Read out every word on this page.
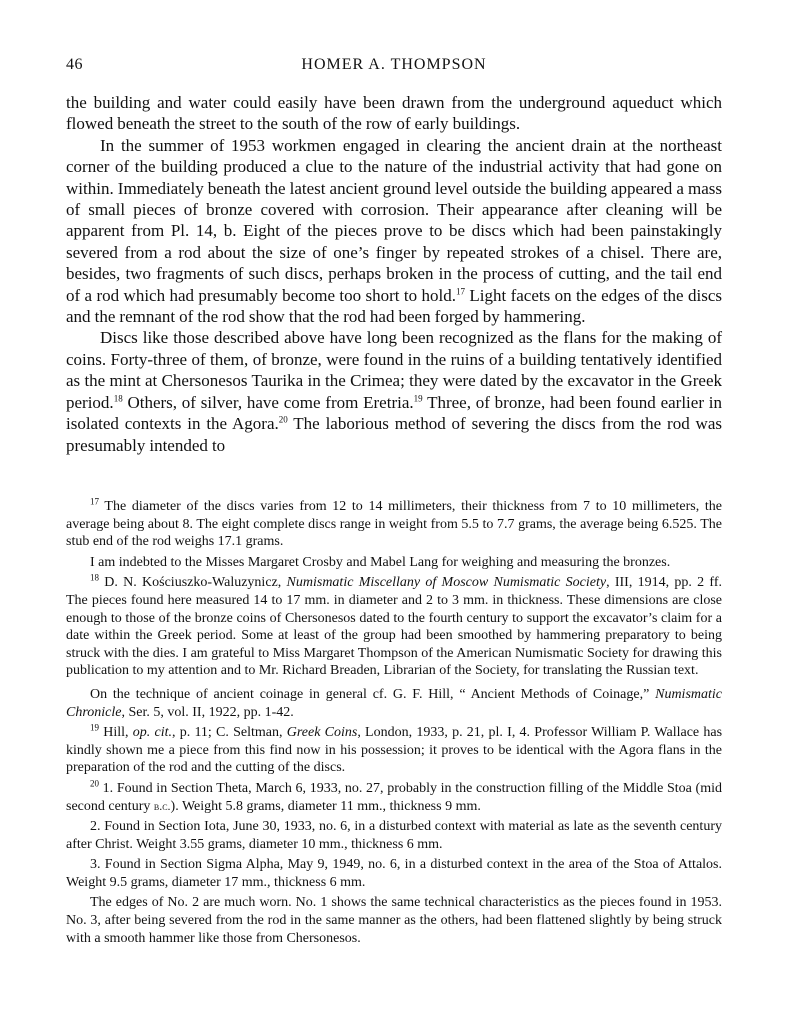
46	HOMER A. THOMPSON

the building and water could easily have been drawn from the underground aqueduct which flowed beneath the street to the south of the row of early buildings.

In the summer of 1953 workmen engaged in clearing the ancient drain at the northeast corner of the building produced a clue to the nature of the industrial activity that had gone on within. Immediately beneath the latest ancient ground level outside the building appeared a mass of small pieces of bronze covered with corrosion. Their appearance after cleaning will be apparent from Pl. 14, b. Eight of the pieces prove to be discs which had been painstakingly severed from a rod about the size of one’s finger by repeated strokes of a chisel. There are, besides, two fragments of such discs, perhaps broken in the process of cutting, and the tail end of a rod which had presumably become too short to hold.$^{17}$ Light facets on the edges of the discs and the remnant of the rod show that the rod had been forged by hammering.

Discs like those described above have long been recognized as the flans for the making of coins. Forty-three of them, of bronze, were found in the ruins of a building tentatively identified as the mint at Chersonesos Taurika in the Crimea; they were dated by the excavator in the Greek period.$^{18}$ Others, of silver, have come from Eretria.$^{19}$ Three, of bronze, had been found earlier in isolated contexts in the Agora.$^{20}$ The laborious method of severing the discs from the rod was presumably intended to

$^{17}$ The diameter of the discs varies from 12 to 14 millimeters, their thickness from 7 to 10 millimeters, the average being about 8. The eight complete discs range in weight from 5.5 to 7.7 grams, the average being 6.525. The stub end of the rod weighs 17.1 grams.

I am indebted to the Misses Margaret Crosby and Mabel Lang for weighing and measuring the bronzes.

$^{18}$ D. N. Kościuszko-Waluzynicz, Numismatic Miscellany of Moscow Numismatic Society, III, 1914, pp. 2 ff. The pieces found here measured 14 to 17 mm. in diameter and 2 to 3 mm. in thickness. These dimensions are close enough to those of the bronze coins of Chersonesos dated to the fourth century to support the excavator’s claim for a date within the Greek period. Some at least of the group had been smoothed by hammering preparatory to being struck with the dies. I am grateful to Miss Margaret Thompson of the American Numismatic Society for drawing this publication to my attention and to Mr. Richard Breaden, Librarian of the Society, for translating the Russian text.

On the technique of ancient coinage in general cf. G. F. Hill, “ Ancient Methods of Coinage,” Numismatic Chronicle, Ser. 5, vol. II, 1922, pp. 1-42.

$^{19}$ Hill, op. cit., p. 11; C. Seltman, Greek Coins, London, 1933, p. 21, pl. I, 4. Professor William P. Wallace has kindly shown me a piece from this find now in his possession; it proves to be identical with the Agora flans in the preparation of the rod and the cutting of the discs.

$^{20}$ 1. Found in Section Theta, March 6, 1933, no. 27, probably in the construction filling of the Middle Stoa (mid second century b.c.). Weight 5.8 grams, diameter 11 mm., thickness 9 mm.

2. Found in Section Iota, June 30, 1933, no. 6, in a disturbed context with material as late as the seventh century after Christ. Weight 3.55 grams, diameter 10 mm., thickness 6 mm.

3. Found in Section Sigma Alpha, May 9, 1949, no. 6, in a disturbed context in the area of the Stoa of Attalos. Weight 9.5 grams, diameter 17 mm., thickness 6 mm.

The edges of No. 2 are much worn. No. 1 shows the same technical characteristics as the pieces found in 1953. No. 3, after being severed from the rod in the same manner as the others, had been flattened slightly by being struck with a smooth hammer like those from Chersonesos.
